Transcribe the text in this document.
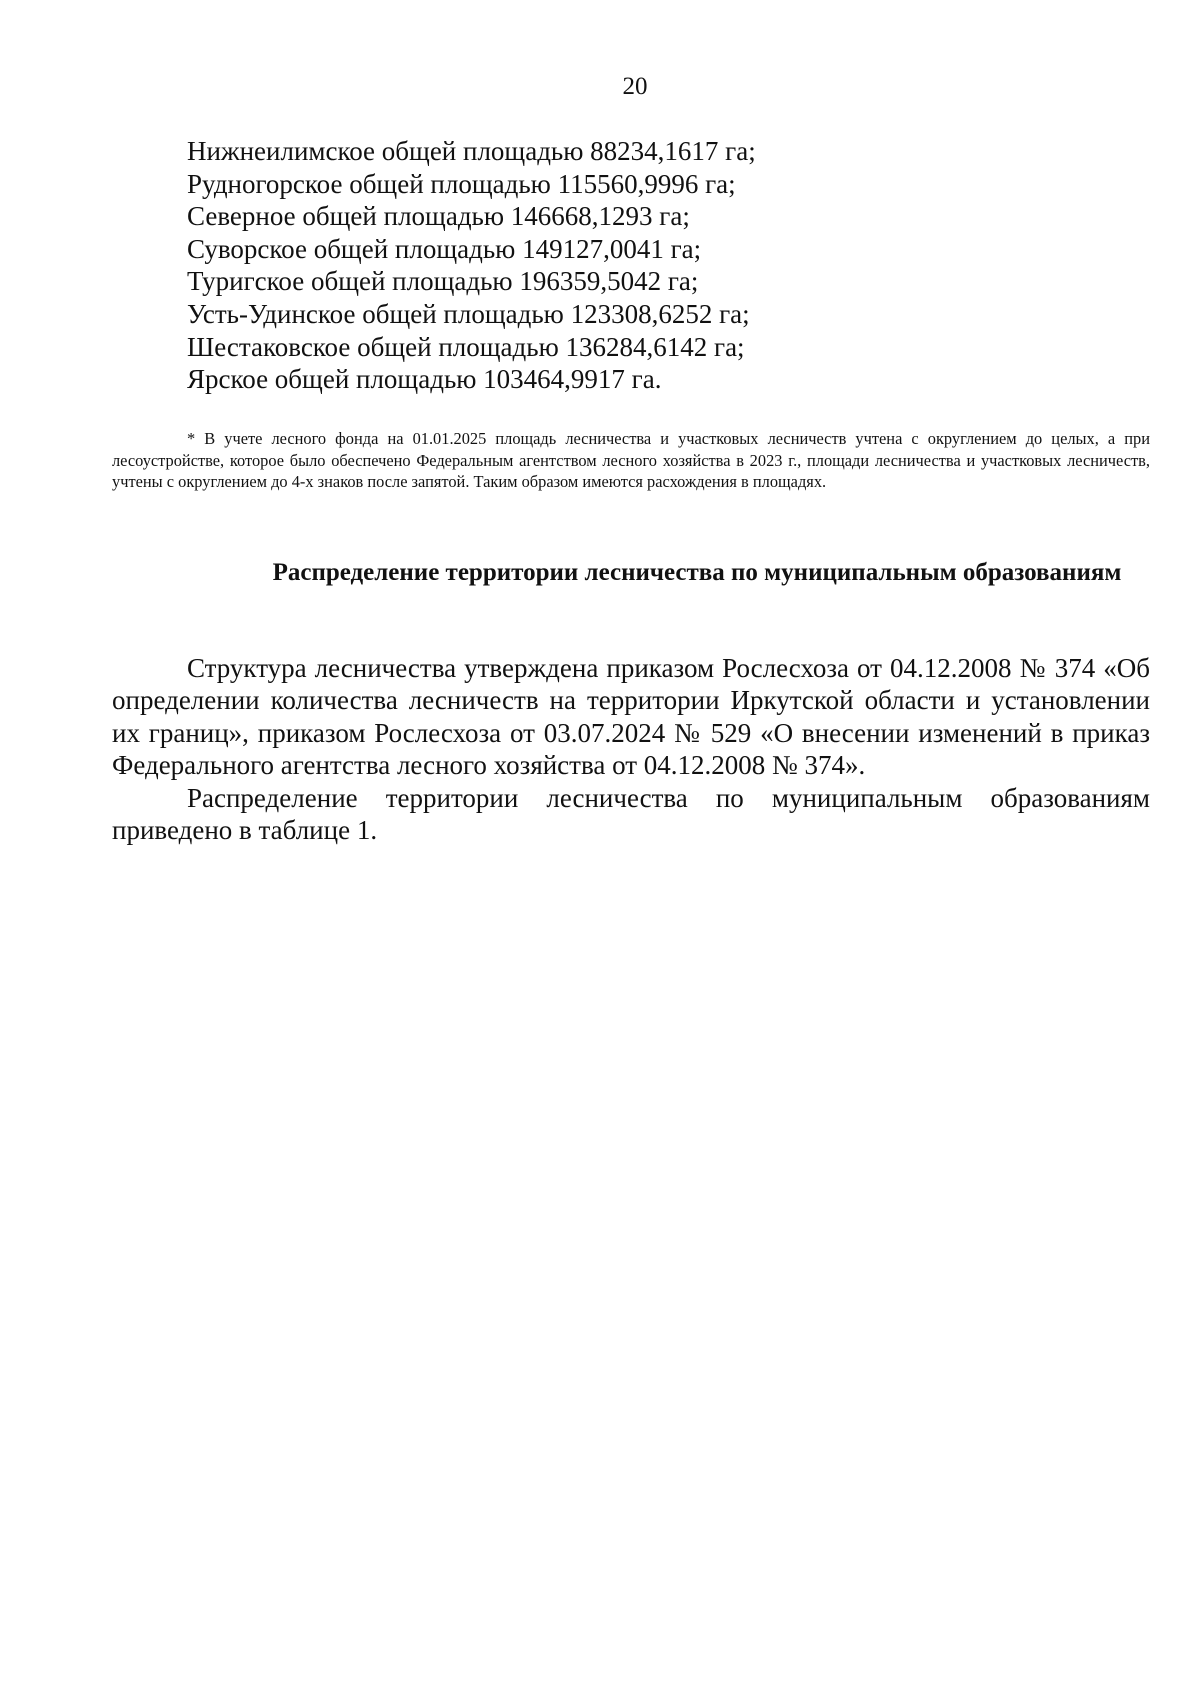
20
Нижнеилимское общей площадью 88234,1617 га;
Рудногорское общей площадью 115560,9996 га;
Северное общей площадью 146668,1293 га;
Суворское общей площадью 149127,0041 га;
Туригское общей площадью 196359,5042 га;
Усть-Удинское общей площадью 123308,6252 га;
Шестаковское общей площадью 136284,6142 га;
Ярское общей площадью 103464,9917 га.

* В учете лесного фонда на 01.01.2025 площадь лесничества и участковых лесничеств учтена с округлением до целых, а при лесоустройстве, которое было обеспечено Федеральным агентством лесного хозяйства в 2023 г., площади лесничества и участковых лесничеств, учтены с округлением до 4-х знаков после запятой. Таким образом имеются расхождения в площадях.

Распределение территории лесничества по муниципальным образованиям

Структура лесничества утверждена приказом Рослесхоза от 04.12.2008 № 374 «Об определении количества лесничеств на территории Иркутской области и установлении их границ», приказом Рослесхоза от 03.07.2024 № 529 «О внесении изменений в приказ Федерального агентства лесного хозяйства от 04.12.2008 № 374».

Распределение территории лесничества по муниципальным образованиям приведено в таблице 1.
